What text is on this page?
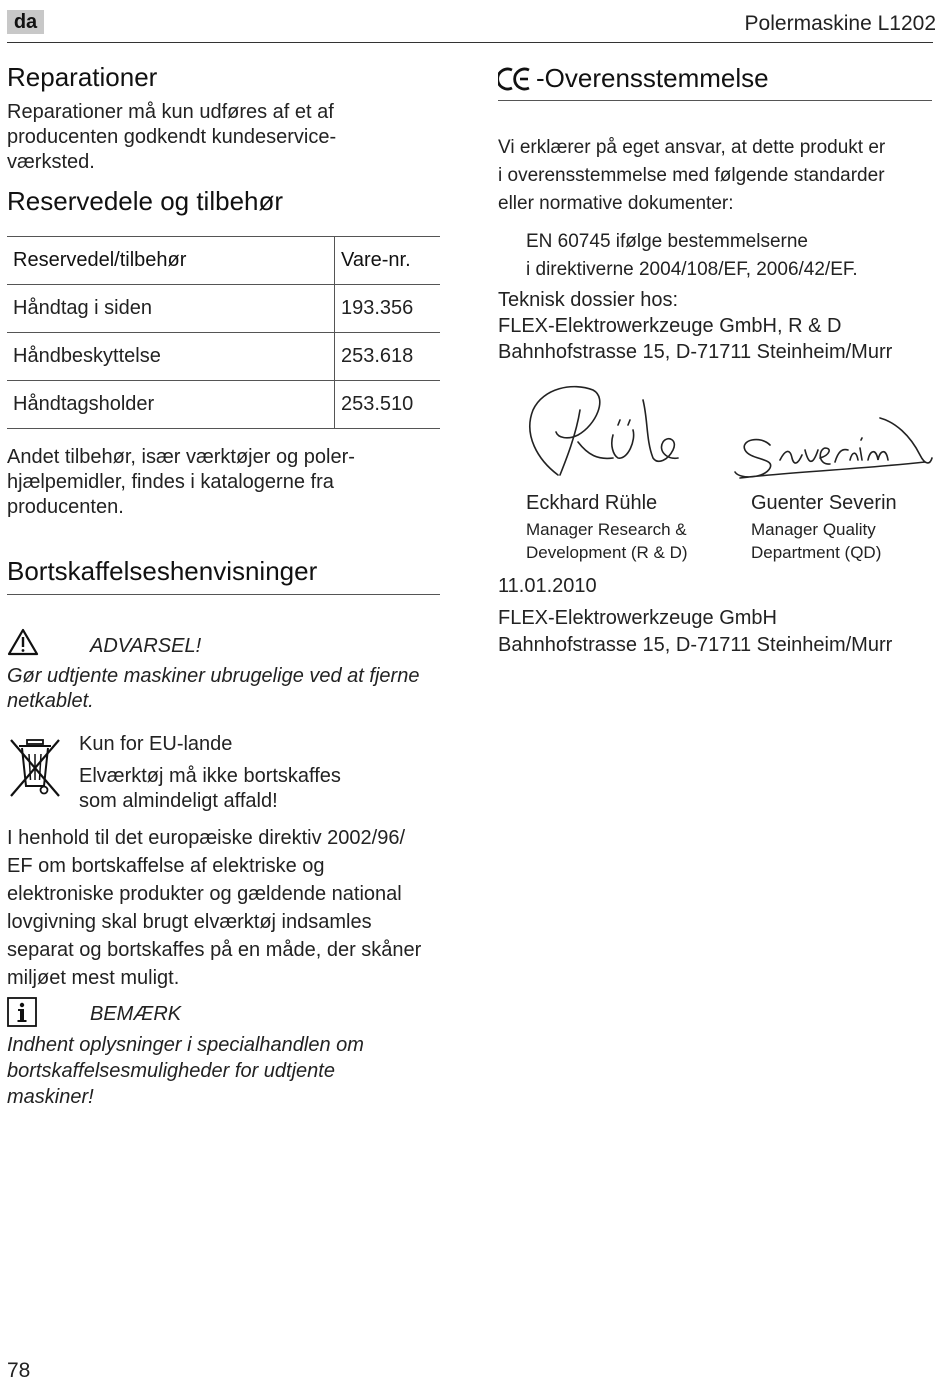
da	Polermaskine L1202
Reparationer
Reparationer må kun udføres af et af
producenten godkendt kundeservice-
værksted.
Reservedele og tilbehør
Reservedel/tilbehør	Vare-nr.
Håndtag i siden	193.356
Håndbeskyttelse	253.618
Håndtagsholder	253.510
Andet tilbehør, især værktøjer og poler-
hjælpemidler, findes i katalogerne fra
producenten.
Bortskaffelseshenvisninger
ADVARSEL!
Gør udtjente maskiner ubrugelige ved at fjerne
netkablet.
Kun for EU-lande
Elværktøj må ikke bortskaffes
som almindeligt affald!
I henhold til det europæiske direktiv 2002/96/
EF om bortskaffelse af elektriske og
elektroniske produkter og gældende national
lovgivning skal brugt elværktøj indsamles
separat og bortskaffes på en måde, der skåner
miljøet mest muligt.
BEMÆRK
Indhent oplysninger i specialhandlen om
bortskaffelsesmuligheder for udtjente
maskiner!
-Overensstemmelse
Vi erklærer på eget ansvar, at dette produkt er
i overensstemmelse med følgende standarder
eller normative dokumenter:
EN 60745 ifølge bestemmelserne
i direktiverne 2004/108/EF, 2006/42/EF.
Teknisk dossier hos:
FLEX-Elektrowerkzeuge GmbH, R & D
Bahnhofstrasse 15, D-71711 Steinheim/Murr
Eckhard Rühle
Manager Research &
Development (R & D)
Guenter Severin
Manager Quality
Department (QD)
11.01.2010
FLEX-Elektrowerkzeuge GmbH
Bahnhofstrasse 15, D-71711 Steinheim/Murr
78
